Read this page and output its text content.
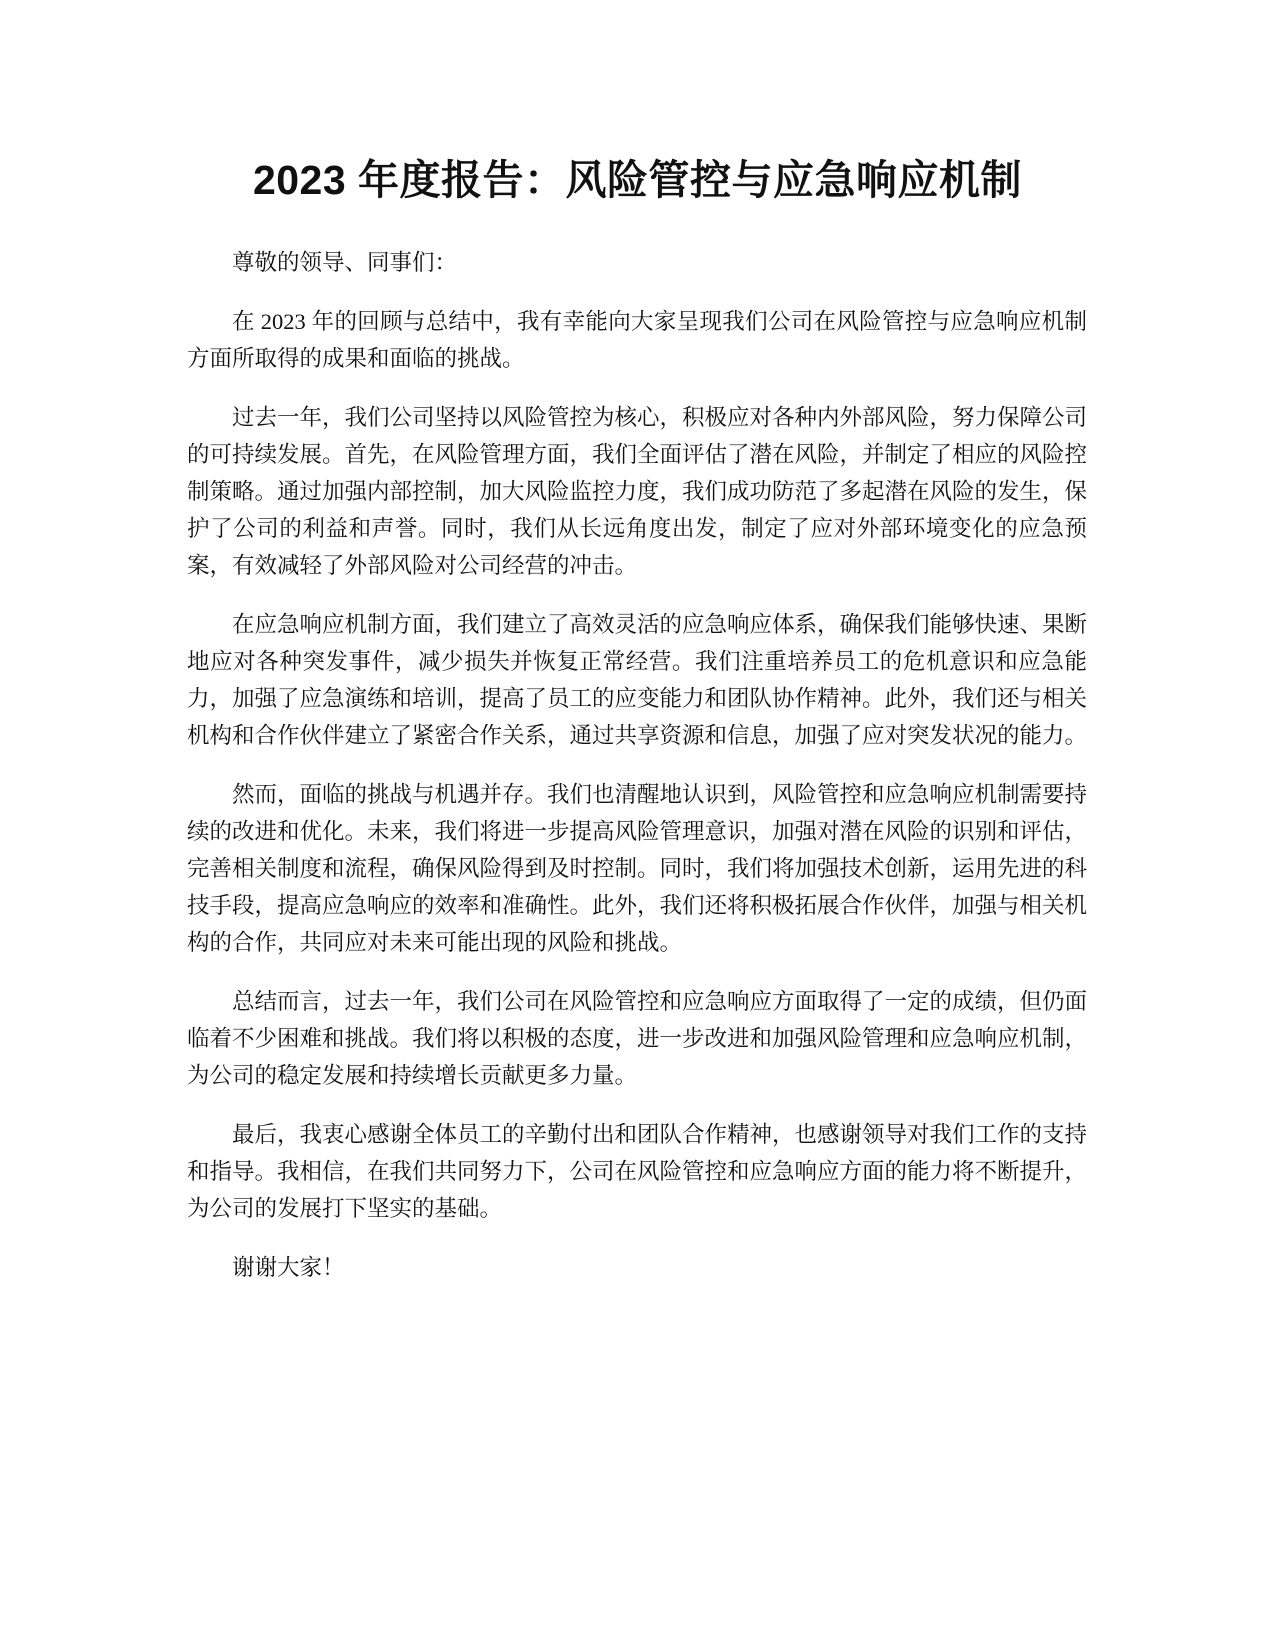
2023 年度报告：风险管控与应急响应机制

尊敬的领导、同事们：

在 2023 年的回顾与总结中，我有幸能向大家呈现我们公司在风险管控与应急响应机制方面所取得的成果和面临的挑战。

过去一年，我们公司坚持以风险管控为核心，积极应对各种内外部风险，努力保障公司的可持续发展。首先，在风险管理方面，我们全面评估了潜在风险，并制定了相应的风险控制策略。通过加强内部控制，加大风险监控力度，我们成功防范了多起潜在风险的发生，保护了公司的利益和声誉。同时，我们从长远角度出发，制定了应对外部环境变化的应急预案，有效减轻了外部风险对公司经营的冲击。

在应急响应机制方面，我们建立了高效灵活的应急响应体系，确保我们能够快速、果断地应对各种突发事件，减少损失并恢复正常经营。我们注重培养员工的危机意识和应急能力，加强了应急演练和培训，提高了员工的应变能力和团队协作精神。此外，我们还与相关机构和合作伙伴建立了紧密合作关系，通过共享资源和信息，加强了应对突发状况的能力。

然而，面临的挑战与机遇并存。我们也清醒地认识到，风险管控和应急响应机制需要持续的改进和优化。未来，我们将进一步提高风险管理意识，加强对潜在风险的识别和评估，完善相关制度和流程，确保风险得到及时控制。同时，我们将加强技术创新，运用先进的科技手段，提高应急响应的效率和准确性。此外，我们还将积极拓展合作伙伴，加强与相关机构的合作，共同应对未来可能出现的风险和挑战。

总结而言，过去一年，我们公司在风险管控和应急响应方面取得了一定的成绩，但仍面临着不少困难和挑战。我们将以积极的态度，进一步改进和加强风险管理和应急响应机制，为公司的稳定发展和持续增长贡献更多力量。

最后，我衷心感谢全体员工的辛勤付出和团队合作精神，也感谢领导对我们工作的支持和指导。我相信，在我们共同努力下，公司在风险管控和应急响应方面的能力将不断提升，为公司的发展打下坚实的基础。

谢谢大家！
